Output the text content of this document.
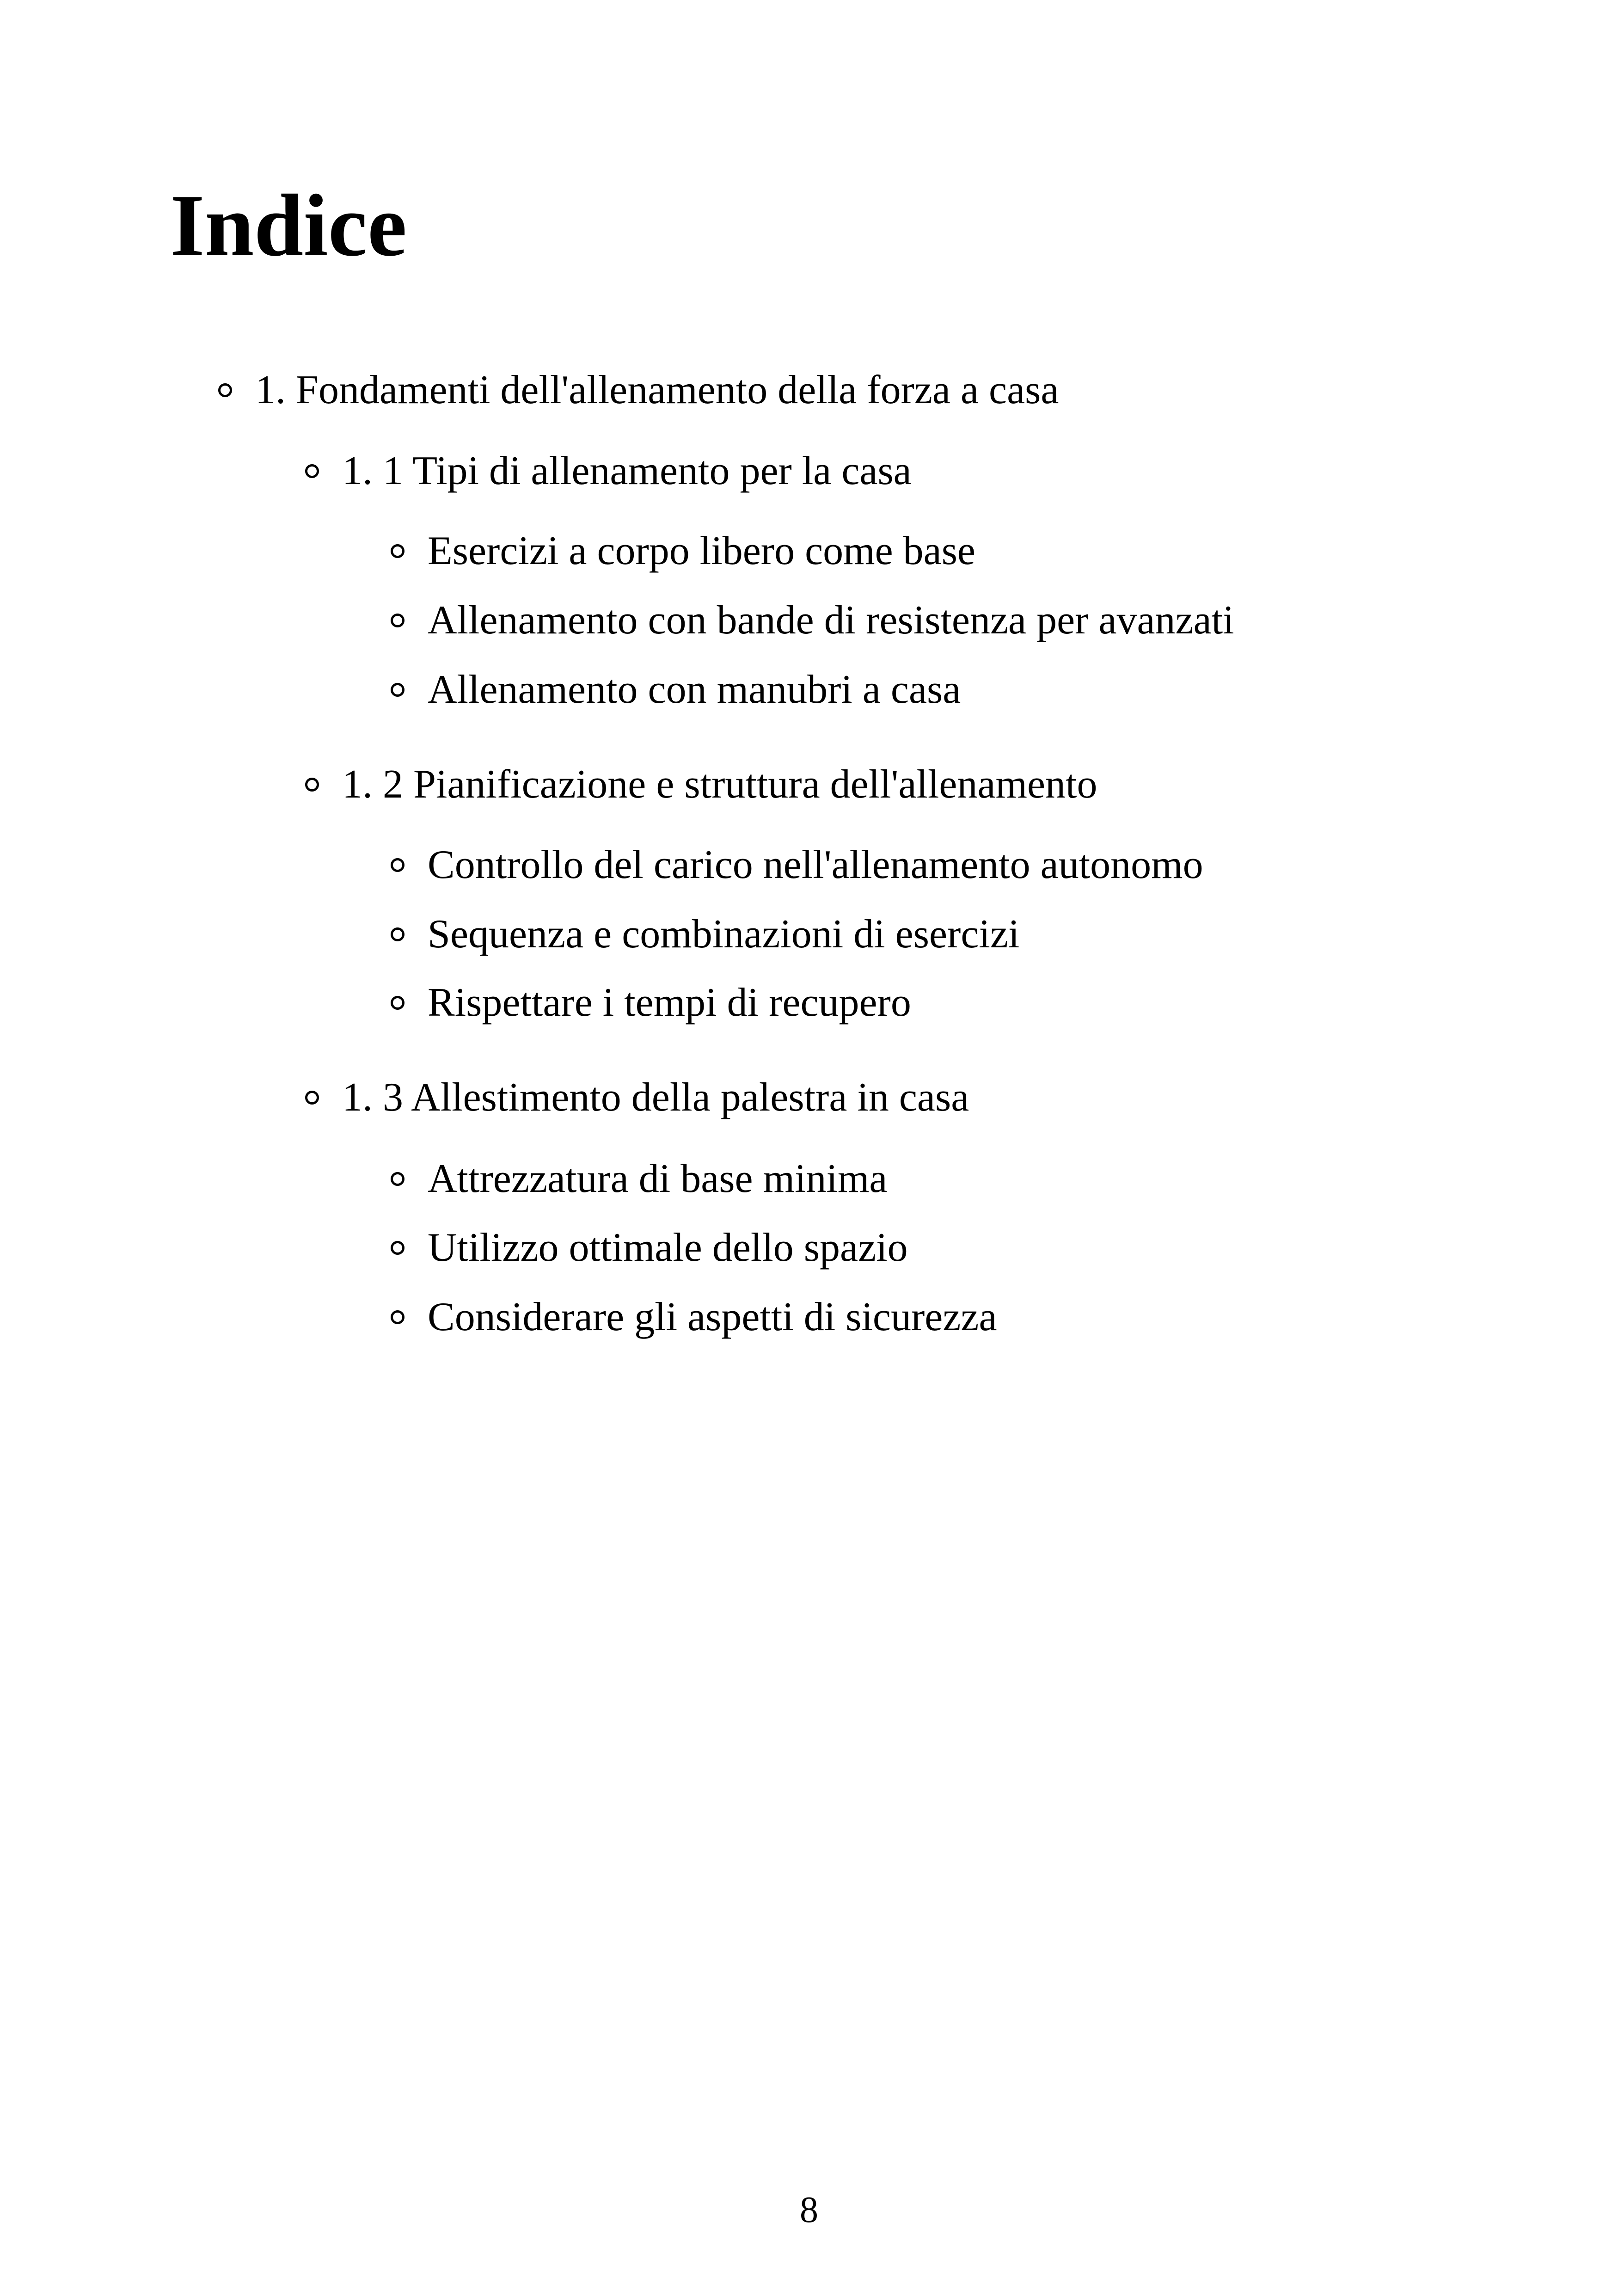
Indice
1. Fondamenti dell'allenamento della forza a casa
1. 1 Tipi di allenamento per la casa
Esercizi a corpo libero come base
Allenamento con bande di resistenza per avanzati
Allenamento con manubri a casa
1. 2 Pianificazione e struttura dell'allenamento
Controllo del carico nell'allenamento autonomo
Sequenza e combinazioni di esercizi
Rispettare i tempi di recupero
1. 3 Allestimento della palestra in casa
Attrezzatura di base minima
Utilizzo ottimale dello spazio
Considerare gli aspetti di sicurezza
8
